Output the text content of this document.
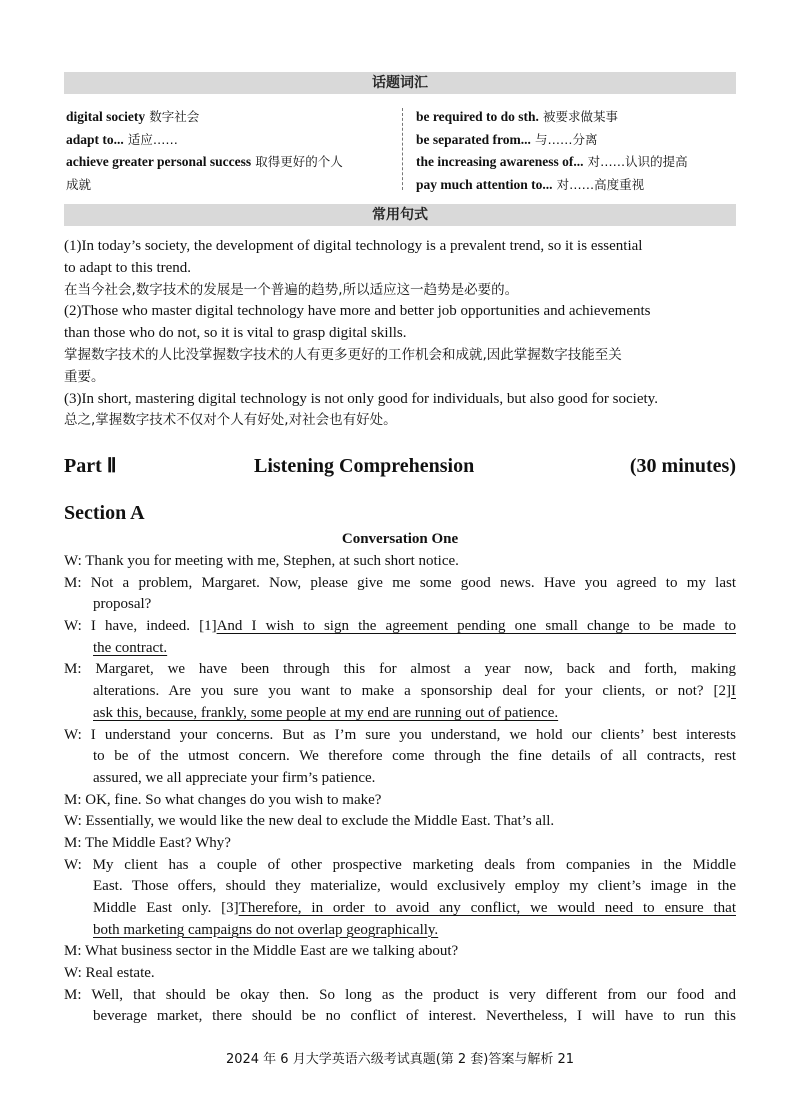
话题词汇
digital society 数字社会
adapt to... 适应……
achieve greater personal success 取得更好的个人
成就
be required to do sth. 被要求做某事
be separated from... 与……分离
the increasing awareness of... 对……认识的提高
pay much attention to... 对……高度重视
常用句式
(1)In today’s society, the development of digital technology is a prevalent trend, so it is essential
to adapt to this trend.
在当今社会,数字技术的发展是一个普遍的趋势,所以适应这一趋势是必要的。
(2)Those who master digital technology have more and better job opportunities and achievements
than those who do not, so it is vital to grasp digital skills.
掌握数字技术的人比没掌握数字技术的人有更多更好的工作机会和成就,因此掌握数字技能至关
重要。
(3)In short, mastering digital technology is not only good for individuals, but also good for society.
总之,掌握数字技术不仅对个人有好处,对社会也有好处。
Part Ⅱ	Listening Comprehension	(30 minutes)
Section A
Conversation One
W: Thank you for meeting with me, Stephen, at such short notice.
M: Not a problem, Margaret. Now, please give me some good news. Have you agreed to my last
proposal?
W: I have, indeed. [1]And I wish to sign the agreement pending one small change to be made to
the contract.
M: Margaret, we have been through this for almost a year now, back and forth, making
alterations. Are you sure you want to make a sponsorship deal for your clients, or not? [2]I
ask this, because, frankly, some people at my end are running out of patience.
W: I understand your concerns. But as I’m sure you understand, we hold our clients’ best interests
to be of the utmost concern. We therefore come through the fine details of all contracts, rest
assured, we all appreciate your firm’s patience.
M: OK, fine. So what changes do you wish to make?
W: Essentially, we would like the new deal to exclude the Middle East. That’s all.
M: The Middle East? Why?
W: My client has a couple of other prospective marketing deals from companies in the Middle
East. Those offers, should they materialize, would exclusively employ my client’s image in the
Middle East only. [3]Therefore, in order to avoid any conflict, we would need to ensure that
both marketing campaigns do not overlap geographically.
M: What business sector in the Middle East are we talking about?
W: Real estate.
M: Well, that should be okay then. So long as the product is very different from our food and
beverage market, there should be no conflict of interest. Nevertheless, I will have to run this
2024 年 6 月大学英语六级考试真题(第 2 套)答案与解析 21
